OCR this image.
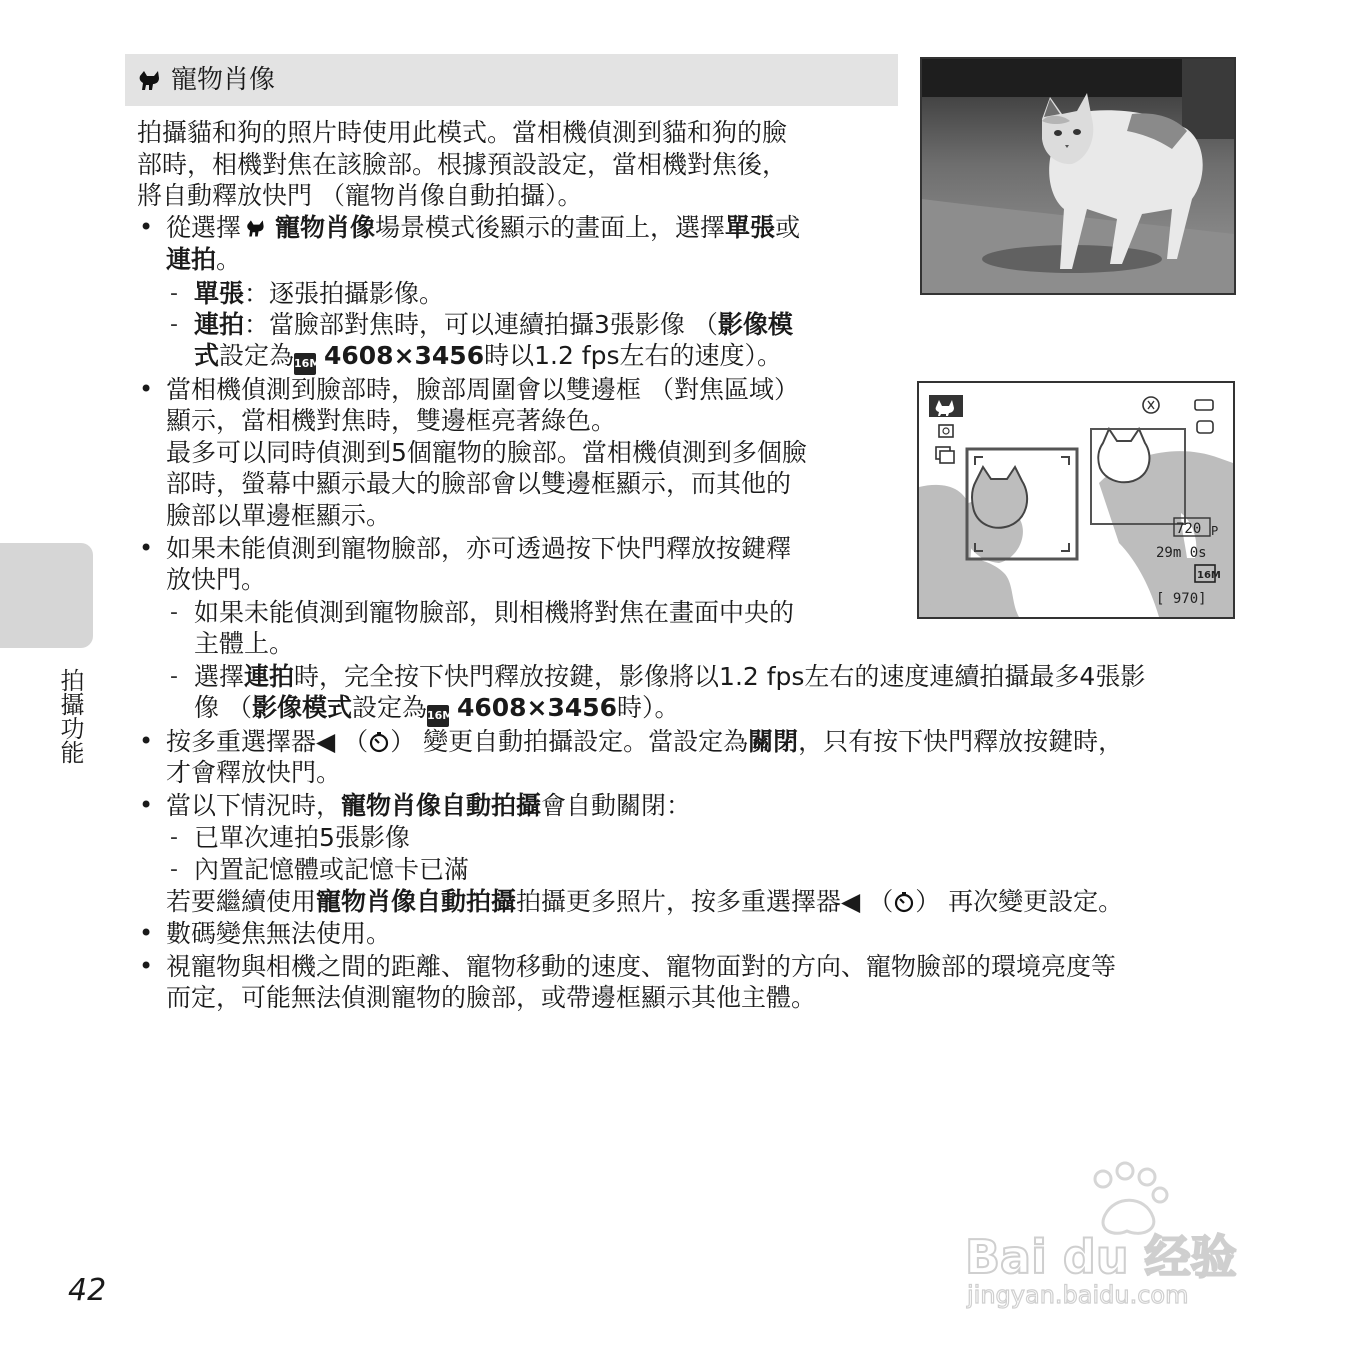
寵物肖像
拍攝貓和狗的照片時使用此模式。當相機偵測到貓和狗的臉
部時，相機對焦在該臉部。根據預設設定，當相機對焦後，
將自動釋放快門 （寵物肖像自動拍攝）。
• 從選擇 寵物肖像場景模式後顯示的畫面上，選擇單張或
連拍。
- 單張：逐張拍攝影像。
- 連拍：當臉部對焦時，可以連續拍攝3張影像 （影像模
式設定為16M 4608×3456時以1.2 fps左右的速度）。
• 當相機偵測到臉部時，臉部周圍會以雙邊框 （對焦區域）
顯示，當相機對焦時，雙邊框亮著綠色。
最多可以同時偵測到5個寵物的臉部。當相機偵測到多個臉
部時，螢幕中顯示最大的臉部會以雙邊框顯示，而其他的
臉部以單邊框顯示。
• 如果未能偵測到寵物臉部，亦可透過按下快門釋放按鍵釋
放快門。
- 如果未能偵測到寵物臉部，則相機將對焦在畫面中央的
主體上。
- 選擇連拍時，完全按下快門釋放按鍵，影像將以1.2 fps左右的速度連續拍攝最多4張影
像 （影像模式設定為16M 4608×3456時）。
• 按多重選擇器◀ （ ） 變更自動拍攝設定。當設定為關閉，只有按下快門釋放按鍵時，
才會釋放快門。
• 當以下情況時，寵物肖像自動拍攝會自動關閉：
- 已單次連拍5張影像
- 內置記憶體或記憶卡已滿
若要繼續使用寵物肖像自動拍攝拍攝更多照片，按多重選擇器◀ （ ） 再次變更設定。
• 數碼變焦無法使用。
• 視寵物與相機之間的距離、寵物移動的速度、寵物面對的方向、寵物臉部的環境亮度等
而定，可能無法偵測寵物的臉部，或帶邊框顯示其他主體。
拍攝功能
42
720 P
29m 0s
16M
[ 970]
Bai du 经验
jingyan.baidu.com
